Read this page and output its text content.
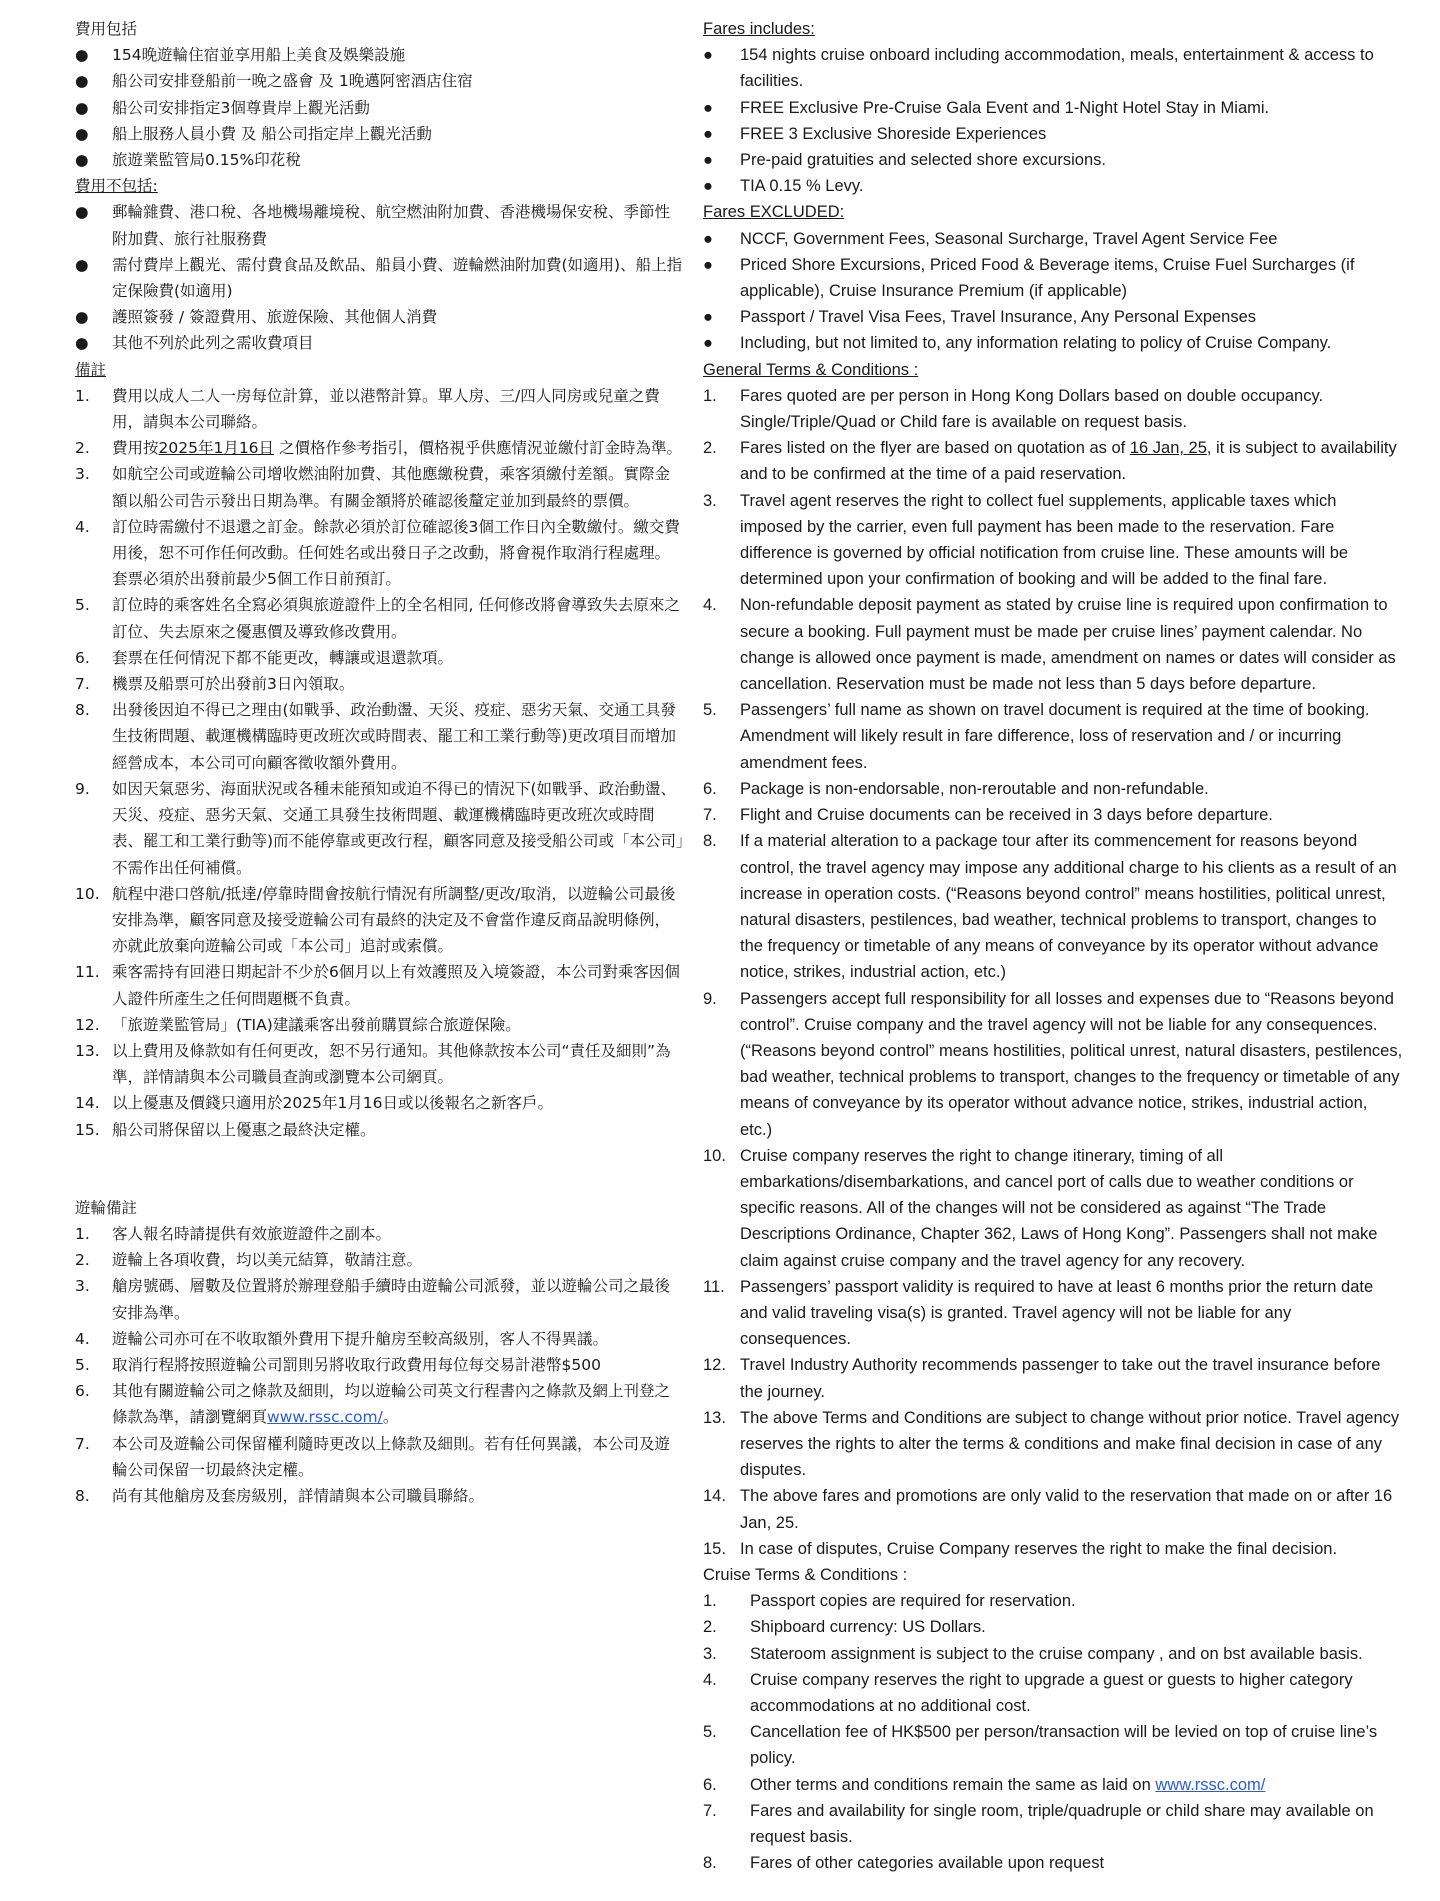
費用包括
● 154晚遊輪住宿並享用船上美食及娛樂設施
● 船公司安排登船前一晚之盛會 及 1晚邁阿密酒店住宿
● 船公司安排指定3個尊貴岸上觀光活動
● 船上服務人員小費 及 船公司指定岸上觀光活動
● 旅遊業監管局0.15%印花稅
費用不包括:
● 郵輪雜費、港口稅、各地機場離境稅、航空燃油附加費、香港機場保安稅、季節性附加費、旅行社服務費
● 需付費岸上觀光、需付費食品及飲品、船員小費、遊輪燃油附加費(如適用)、船上指定保險費(如適用)
● 護照簽發 / 簽證費用、旅遊保險、其他個人消費
● 其他不列於此列之需收費項目
備註
1. 費用以成人二人一房每位計算，並以港幣計算。單人房、三/四人同房或兒童之費用，請與本公司聯絡。
2. 費用按2025年1月16日 之價格作參考指引，價格視乎供應情況並繳付訂金時為準。
3. 如航空公司或遊輪公司增收燃油附加費、其他應繳稅費，乘客須繳付差額。實際金額以船公司告示發出日期為準。有關金額將於確認後釐定並加到最終的票價。
4. 訂位時需繳付不退還之訂金。餘款必須於訂位確認後3個工作日內全數繳付。繳交費用後，恕不可作任何改動。任何姓名或出發日子之改動，將會視作取消行程處理。套票必須於出發前最少5個工作日前預訂。
5. 訂位時的乘客姓名全寫必須與旅遊證件上的全名相同, 任何修改將會導致失去原來之訂位、失去原來之優惠價及導致修改費用。
6. 套票在任何情況下都不能更改，轉讓或退還款項。
7. 機票及船票可於出發前3日內領取。
8. 出發後因迫不得已之理由(如戰爭、政治動盪、天災、疫症、惡劣天氣、交通工具發生技術問題、載運機構臨時更改班次或時間表、罷工和工業行動等)更改項目而增加經營成本，本公司可向顧客徵收額外費用。
9. 如因天氣惡劣、海面狀況或各種未能預知或迫不得已的情況下(如戰爭、政治動盪、天災、疫症、惡劣天氣、交通工具發生技術問題、載運機構臨時更改班次或時間表、罷工和工業行動等)而不能停靠或更改行程，顧客同意及接受船公司或「本公司」不需作出任何補償。
10. 航程中港口啓航/抵達/停靠時間會按航行情況有所調整/更改/取消，以遊輪公司最後安排為準，顧客同意及接受遊輪公司有最終的決定及不會當作違反商品說明條例，亦就此放棄向遊輪公司或「本公司」追討或索償。
11. 乘客需持有回港日期起計不少於6個月以上有效護照及入境簽證，本公司對乘客因個人證件所產生之任何問題概不負責。
12. 「旅遊業監管局」(TIA)建議乘客出發前購買綜合旅遊保險。
13. 以上費用及條款如有任何更改，恕不另行通知。其他條款按本公司“責任及細則”為準，詳情請與本公司職員查詢或瀏覽本公司網頁。
14. 以上優惠及價錢只適用於2025年1月16日或以後報名之新客戶。
15. 船公司將保留以上優惠之最終決定權。
遊輪備註
1. 客人報名時請提供有效旅遊證件之副本。
2. 遊輪上各項收費，均以美元結算，敬請注意。
3. 艙房號碼、層數及位置將於辦理登船手續時由遊輪公司派發，並以遊輪公司之最後安排為準。
4. 遊輪公司亦可在不收取額外費用下提升艙房至較高級別，客人不得異議。
5. 取消行程將按照遊輪公司罰則另將收取行政費用每位每交易計港幣$500
6. 其他有關遊輪公司之條款及細則，均以遊輪公司英文行程書內之條款及網上刊登之條款為準，請瀏覽網頁www.rssc.com/。
7. 本公司及遊輪公司保留權利隨時更改以上條款及細則。若有任何異議，本公司及遊輪公司保留一切最終決定權。
8. 尚有其他艙房及套房級別，詳情請與本公司職員聯絡。
Fares includes:
● 154 nights cruise onboard including accommodation, meals, entertainment & access to facilities.
● FREE Exclusive Pre-Cruise Gala Event and 1-Night Hotel Stay in Miami.
● FREE 3 Exclusive Shoreside Experiences
● Pre-paid gratuities and selected shore excursions.
● TIA 0.15 % Levy.
Fares EXCLUDED:
● NCCF, Government Fees, Seasonal Surcharge, Travel Agent Service Fee
● Priced Shore Excursions, Priced Food & Beverage items, Cruise Fuel Surcharges (if applicable), Cruise Insurance Premium (if applicable)
● Passport / Travel Visa Fees, Travel Insurance, Any Personal Expenses
● Including, but not limited to, any information relating to policy of Cruise Company.
General Terms & Conditions :
1. Fares quoted are per person in Hong Kong Dollars based on double occupancy. Single/Triple/Quad or Child fare is available on request basis.
2. Fares listed on the flyer are based on quotation as of 16 Jan, 25, it is subject to availability and to be confirmed at the time of a paid reservation.
3. Travel agent reserves the right to collect fuel supplements, applicable taxes which imposed by the carrier, even full payment has been made to the reservation. Fare difference is governed by official notification from cruise line. These amounts will be determined upon your confirmation of booking and will be added to the final fare.
4. Non-refundable deposit payment as stated by cruise line is required upon confirmation to secure a booking. Full payment must be made per cruise lines’ payment calendar. No change is allowed once payment is made, amendment on names or dates will consider as cancellation. Reservation must be made not less than 5 days before departure.
5. Passengers’ full name as shown on travel document is required at the time of booking. Amendment will likely result in fare difference, loss of reservation and / or incurring amendment fees.
6. Package is non-endorsable, non-reroutable and non-refundable.
7. Flight and Cruise documents can be received in 3 days before departure.
8. If a material alteration to a package tour after its commencement for reasons beyond control, the travel agency may impose any additional charge to his clients as a result of an increase in operation costs. (“Reasons beyond control” means hostilities, political unrest, natural disasters, pestilences, bad weather, technical problems to transport, changes to the frequency or timetable of any means of conveyance by its operator without advance notice, strikes, industrial action, etc.)
9. Passengers accept full responsibility for all losses and expenses due to “Reasons beyond control”. Cruise company and the travel agency will not be liable for any consequences. (“Reasons beyond control” means hostilities, political unrest, natural disasters, pestilences, bad weather, technical problems to transport, changes to the frequency or timetable of any means of conveyance by its operator without advance notice, strikes, industrial action, etc.)
10. Cruise company reserves the right to change itinerary, timing of all embarkations/disembarkations, and cancel port of calls due to weather conditions or specific reasons. All of the changes will not be considered as against “The Trade Descriptions Ordinance, Chapter 362, Laws of Hong Kong”. Passengers shall not make claim against cruise company and the travel agency for any recovery.
11. Passengers’ passport validity is required to have at least 6 months prior the return date and valid traveling visa(s) is granted. Travel agency will not be liable for any consequences.
12. Travel Industry Authority recommends passenger to take out the travel insurance before the journey.
13. The above Terms and Conditions are subject to change without prior notice. Travel agency reserves the rights to alter the terms & conditions and make final decision in case of any disputes.
14. The above fares and promotions are only valid to the reservation that made on or after 16 Jan, 25.
15. In case of disputes, Cruise Company reserves the right to make the final decision.
Cruise Terms & Conditions :
1. Passport copies are required for reservation.
2. Shipboard currency: US Dollars.
3. Stateroom assignment is subject to the cruise company , and on bst available basis.
4. Cruise company reserves the right to upgrade a guest or guests to higher category accommodations at no additional cost.
5. Cancellation fee of HK$500 per person/transaction will be levied on top of cruise line’s policy.
6. Other terms and conditions remain the same as laid on www.rssc.com/
7. Fares and availability for single room, triple/quadruple or child share may available on request basis.
8. Fares of other categories available upon request
